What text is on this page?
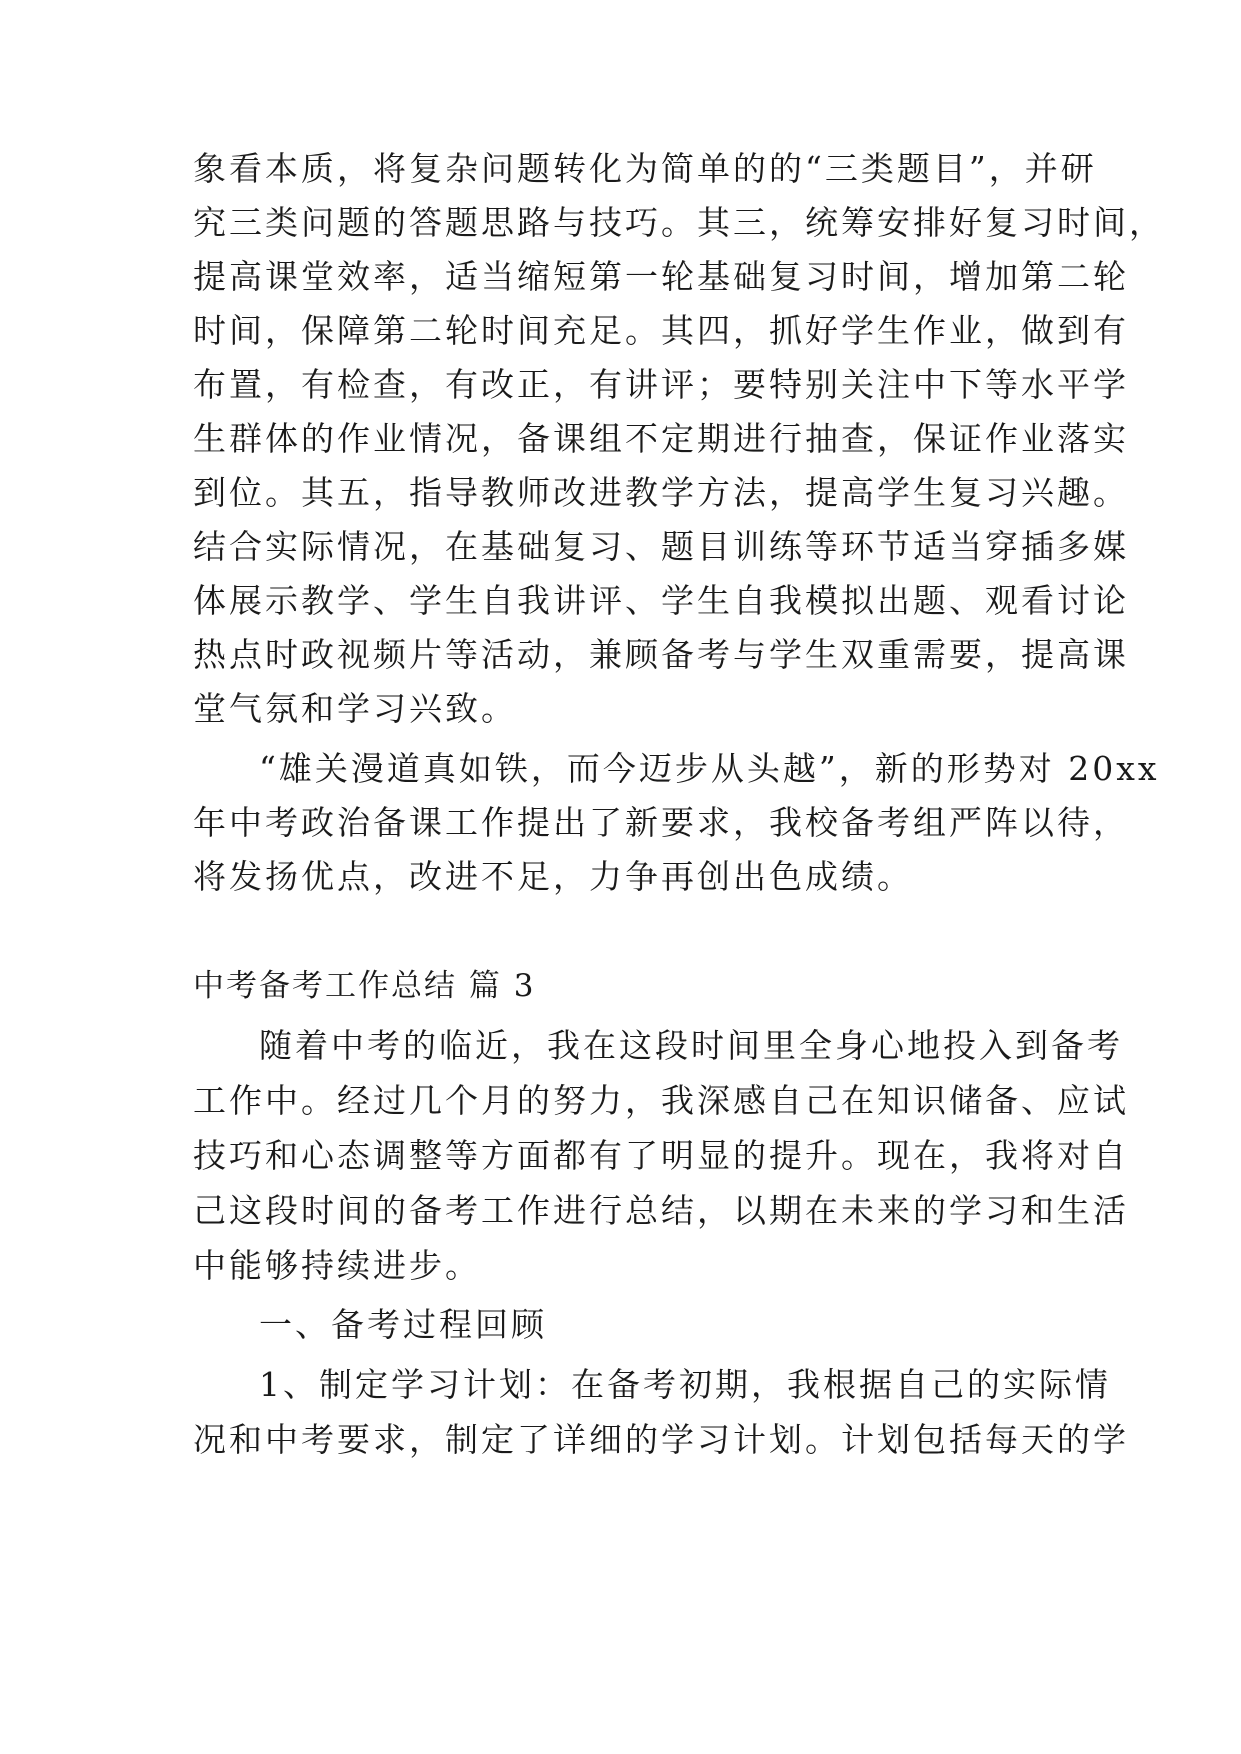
象看本质，将复杂问题转化为简单的的“三类题目”，并研
究三类问题的答题思路与技巧。其三，统筹安排好复习时间，
提高课堂效率，适当缩短第一轮基础复习时间，增加第二轮
时间，保障第二轮时间充足。其四，抓好学生作业，做到有
布置，有检查，有改正，有讲评；要特别关注中下等水平学
生群体的作业情况，备课组不定期进行抽查，保证作业落实
到位。其五，指导教师改进教学方法，提高学生复习兴趣。
结合实际情况，在基础复习、题目训练等环节适当穿插多媒
体展示教学、学生自我讲评、学生自我模拟出题、观看讨论
热点时政视频片等活动，兼顾备考与学生双重需要，提高课
堂气氛和学习兴致。
“雄关漫道真如铁，而今迈步从头越”，新的形势对 20xx
年中考政治备课工作提出了新要求，我校备考组严阵以待，
将发扬优点，改进不足，力争再创出色成绩。
中考备考工作总结 篇 3
随着中考的临近，我在这段时间里全身心地投入到备考
工作中。经过几个月的努力，我深感自己在知识储备、应试
技巧和心态调整等方面都有了明显的提升。现在，我将对自
己这段时间的备考工作进行总结，以期在未来的学习和生活
中能够持续进步。
一、备考过程回顾
1、制定学习计划：在备考初期，我根据自己的实际情
况和中考要求，制定了详细的学习计划。计划包括每天的学
